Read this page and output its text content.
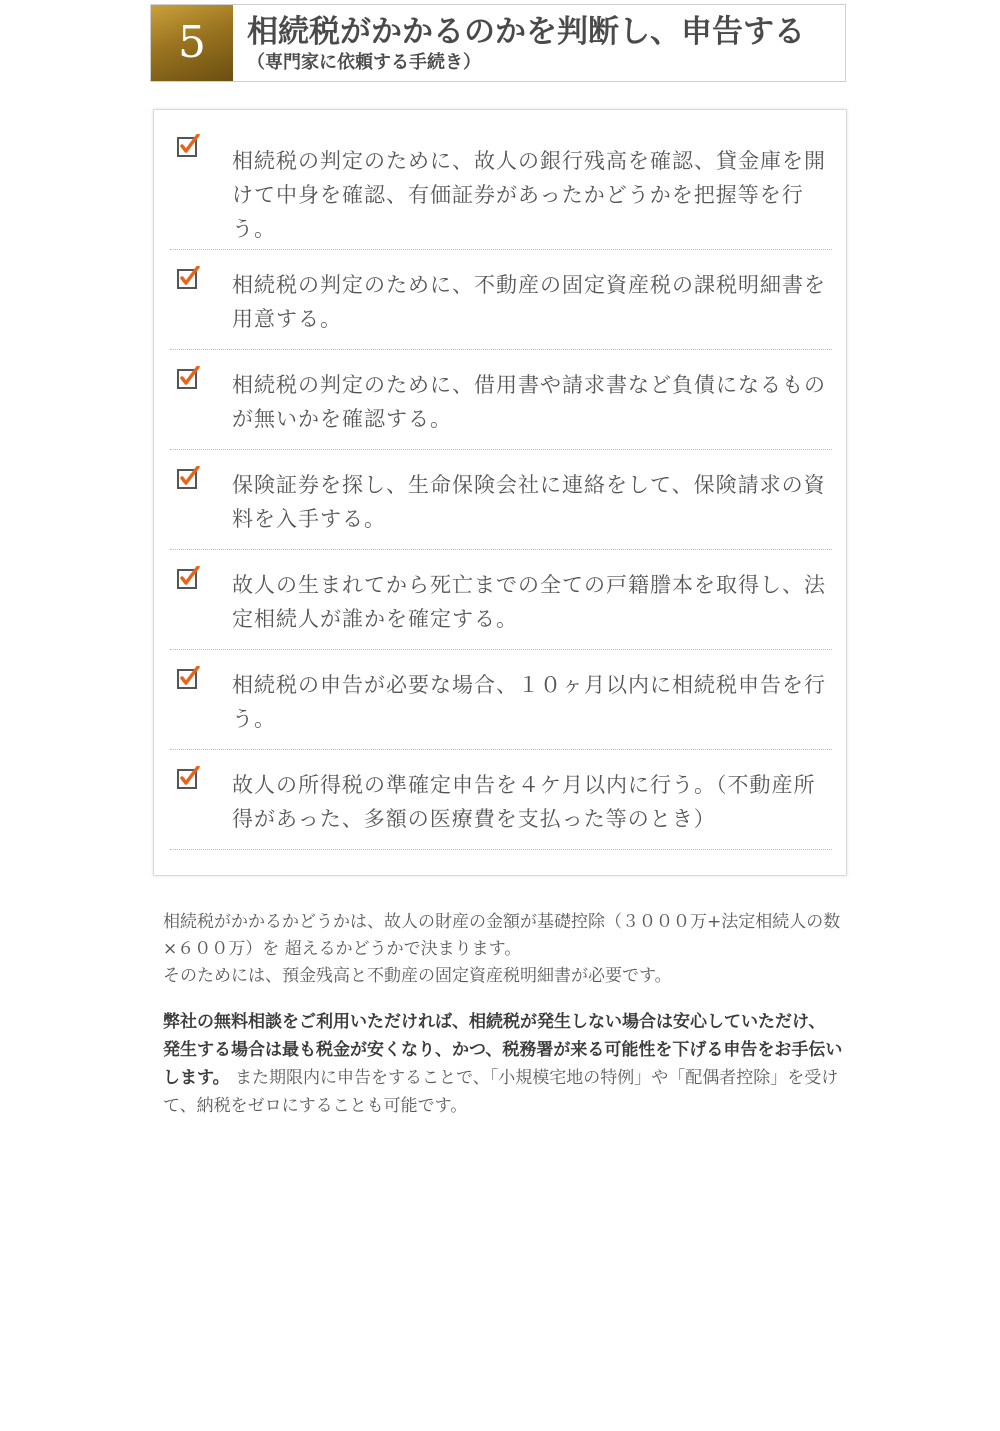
5	相続税がかかるのかを判断し、申告する
（専門家に依頼する手続き）
相続税の判定のために、故人の銀行残高を確認、貸金庫を開けて中身を確認、有価証券があったかどうかを把握等を行う。
相続税の判定のために、不動産の固定資産税の課税明細書を用意する。
相続税の判定のために、借用書や請求書など負債になるものが無いかを確認する。
保険証券を探し、生命保険会社に連絡をして、保険請求の資料を入手する。
故人の生まれてから死亡までの全ての戸籍謄本を取得し、法定相続人が誰かを確定する。
相続税の申告が必要な場合、１０ヶ月以内に相続税申告を行う。
故人の所得税の準確定申告を４ケ月以内に行う。（不動産所得があった、多額の医療費を支払った等のとき）

相続税がかかるかどうかは、故人の財産の金額が基礎控除（３０００万+法定相続人の数×６００万）を 超えるかどうかで決まります。

そのためには、預金残高と不動産の固定資産税明細書が必要です。

弊社の無料相談をご利用いただければ、相続税が発生しない場合は安心していただけ、 発生する場合は最も税金が安くなり、かつ、税務署が来る可能性を下げる申告をお手伝いします。 また期限内に申告をすることで、「小規模宅地の特例」や「配偶者控除」を受けて、納税をゼロにすることも可能です。
